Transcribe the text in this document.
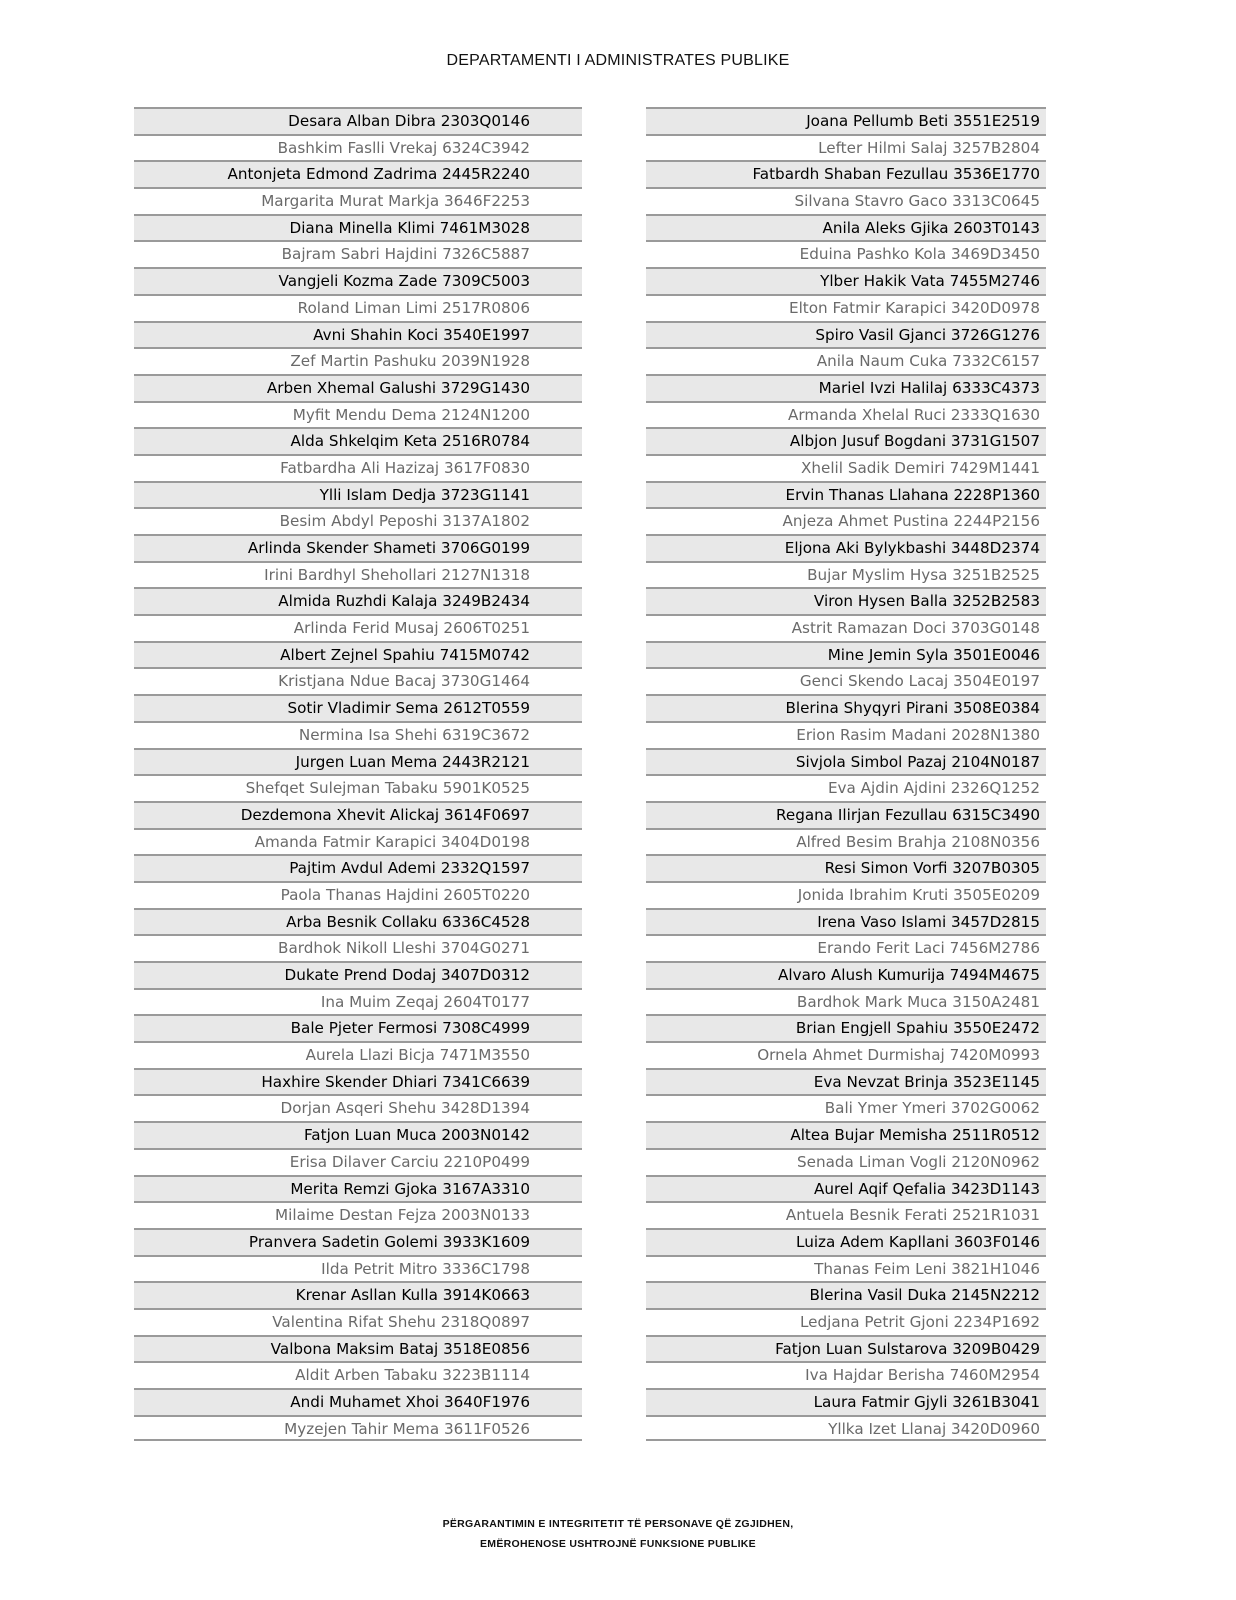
DEPARTAMENTI I ADMINISTRATES PUBLIKE
Desara Alban Dibra 2303Q0146
Bashkim Faslli Vrekaj 6324C3942
Antonjeta Edmond Zadrima 2445R2240
Margarita Murat Markja 3646F2253
Diana Minella Klimi 7461M3028
Bajram Sabri Hajdini 7326C5887
Vangjeli Kozma Zade 7309C5003
Roland Liman Limi 2517R0806
Avni Shahin Koci 3540E1997
Zef Martin Pashuku 2039N1928
Arben Xhemal Galushi 3729G1430
Myfit Mendu Dema 2124N1200
Alda Shkelqim Keta 2516R0784
Fatbardha Ali Hazizaj 3617F0830
Ylli Islam Dedja 3723G1141
Besim Abdyl Peposhi 3137A1802
Arlinda Skender Shameti 3706G0199
Irini Bardhyl Shehollari 2127N1318
Almida Ruzhdi Kalaja 3249B2434
Arlinda Ferid Musaj 2606T0251
Albert Zejnel Spahiu 7415M0742
Kristjana Ndue Bacaj 3730G1464
Sotir Vladimir Sema 2612T0559
Nermina Isa Shehi 6319C3672
Jurgen Luan Mema 2443R2121
Shefqet Sulejman Tabaku 5901K0525
Dezdemona Xhevit Alickaj 3614F0697
Amanda Fatmir Karapici 3404D0198
Pajtim Avdul Ademi 2332Q1597
Paola Thanas Hajdini 2605T0220
Arba Besnik Collaku 6336C4528
Bardhok Nikoll Lleshi 3704G0271
Dukate Prend Dodaj 3407D0312
Ina Muim Zeqaj 2604T0177
Bale Pjeter Fermosi 7308C4999
Aurela Llazi Bicja 7471M3550
Haxhire Skender Dhiari 7341C6639
Dorjan Asqeri Shehu 3428D1394
Fatjon Luan Muca 2003N0142
Erisa Dilaver Carciu 2210P0499
Merita Remzi Gjoka 3167A3310
Milaime Destan Fejza 2003N0133
Pranvera Sadetin Golemi 3933K1609
Ilda Petrit Mitro 3336C1798
Krenar Asllan Kulla 3914K0663
Valentina Rifat Shehu 2318Q0897
Valbona Maksim Bataj 3518E0856
Aldit Arben Tabaku 3223B1114
Andi Muhamet Xhoi 3640F1976
Myzejen Tahir Mema 3611F0526
Joana Pellumb Beti 3551E2519
Lefter Hilmi Salaj 3257B2804
Fatbardh Shaban Fezullau 3536E1770
Silvana Stavro Gaco 3313C0645
Anila Aleks Gjika 2603T0143
Eduina Pashko Kola 3469D3450
Ylber Hakik Vata 7455M2746
Elton Fatmir Karapici 3420D0978
Spiro Vasil Gjanci 3726G1276
Anila Naum Cuka 7332C6157
Mariel Ivzi Halilaj 6333C4373
Armanda Xhelal Ruci 2333Q1630
Albjon Jusuf Bogdani 3731G1507
Xhelil Sadik Demiri 7429M1441
Ervin Thanas Llahana 2228P1360
Anjeza Ahmet Pustina 2244P2156
Eljona Aki Bylykbashi 3448D2374
Bujar Myslim Hysa 3251B2525
Viron Hysen Balla 3252B2583
Astrit Ramazan Doci 3703G0148
Mine Jemin Syla 3501E0046
Genci Skendo Lacaj 3504E0197
Blerina Shyqyri Pirani 3508E0384
Erion Rasim Madani 2028N1380
Sivjola Simbol Pazaj 2104N0187
Eva Ajdin Ajdini 2326Q1252
Regana Ilirjan Fezullau 6315C3490
Alfred Besim Brahja 2108N0356
Resi Simon Vorfi 3207B0305
Jonida Ibrahim Kruti 3505E0209
Irena Vaso Islami 3457D2815
Erando Ferit Laci 7456M2786
Alvaro Alush Kumurija 7494M4675
Bardhok Mark Muca 3150A2481
Brian Engjell Spahiu 3550E2472
Ornela Ahmet Durmishaj 7420M0993
Eva Nevzat Brinja 3523E1145
Bali Ymer Ymeri 3702G0062
Altea Bujar Memisha 2511R0512
Senada Liman Vogli 2120N0962
Aurel Aqif Qefalia 3423D1143
Antuela Besnik Ferati 2521R1031
Luiza Adem Kapllani 3603F0146
Thanas Feim Leni 3821H1046
Blerina Vasil Duka 2145N2212
Ledjana Petrit Gjoni 2234P1692
Fatjon Luan Sulstarova 3209B0429
Iva Hajdar Berisha 7460M2954
Laura Fatmir Gjyli 3261B3041
Yllka Izet Llanaj 3420D0960
PËRGARANTIMIN E INTEGRITETIT TË PERSONAVE QË ZGJIDHEN,
EMËROHENOSE USHTROJNË FUNKSIONE PUBLIKE
